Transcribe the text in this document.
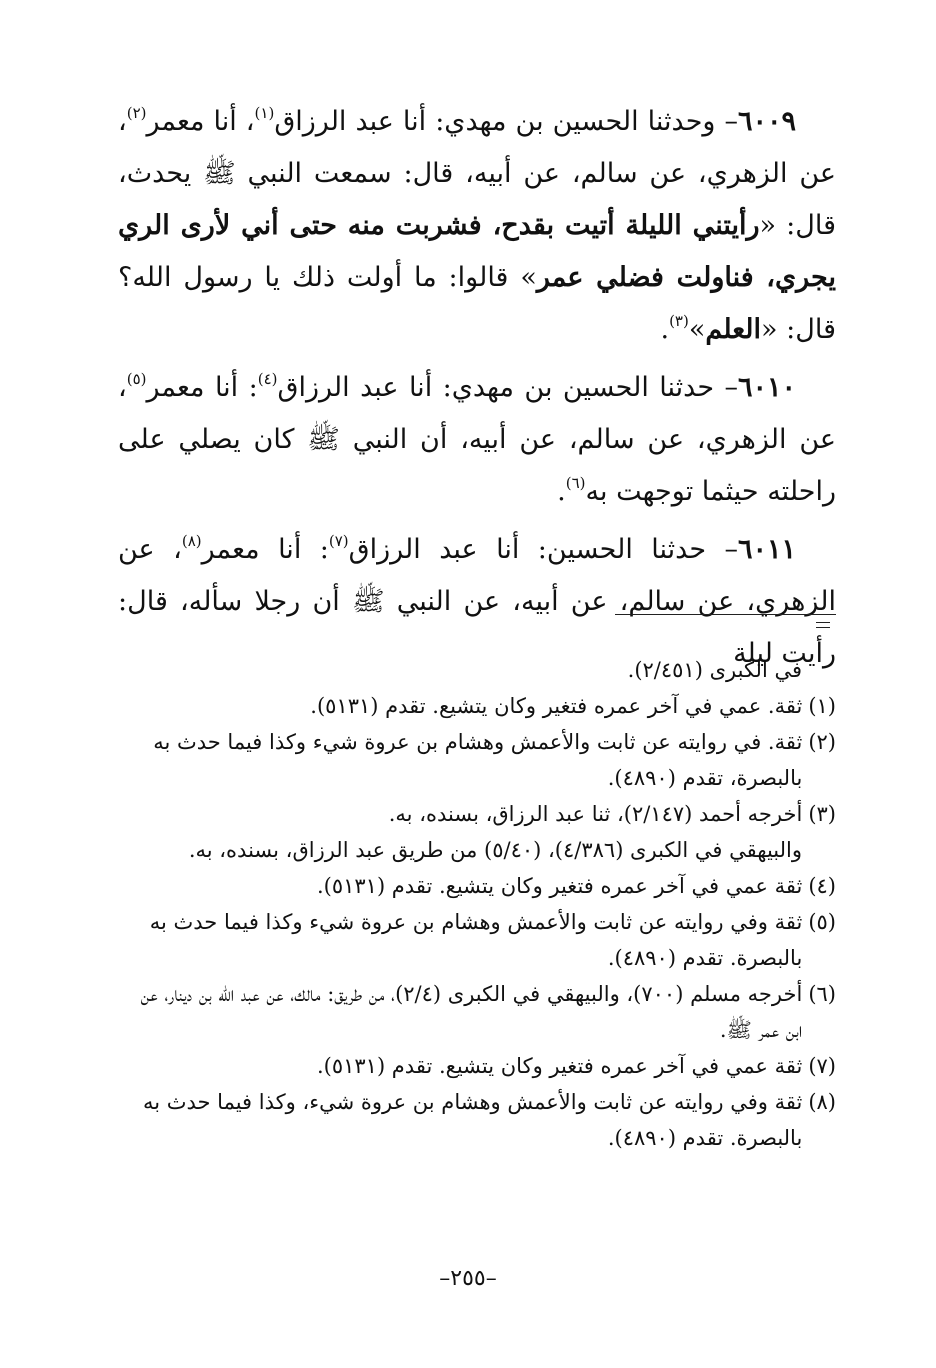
٦٠٠٩– وحدثنا الحسين بن مهدي: أنا عبد الرزاق$^{(١)}$، أنا معمر$^{(٢)}$، عن الزهري، عن سالم، عن أبيه، قال: سمعت النبي ﷺ يحدث، قال: «رأيتني الليلة أتيت بقدح، فشربت منه حتى أني لأرى الري يجري، فناولت فضلي عمر» قالوا: ما أولت ذلك يا رسول الله؟ قال: «العلم»$^{(٣)}$.

٦٠١٠– حدثنا الحسين بن مهدي: أنا عبد الرزاق$^{(٤)}$: أنا معمر$^{(٥)}$، عن الزهري، عن سالم، عن أبيه، أن النبي ﷺ كان يصلي على راحلته حيثما توجهت به$^{(٦)}$.

٦٠١١– حدثنا الحسين: أنا عبد الرزاق$^{(٧)}$: أنا معمر$^{(٨)}$، عن الزهري، عن سالم، عن أبيه، عن النبي ﷺ أن رجلا سأله، قال: رأيت ليلة

في الكبرى (٢/٤٥١).
(١)
ثقة. عمي في آخر عمره فتغير وكان يتشيع. تقدم (٥١٣١).
(٢)
ثقة. في روايته عن ثابت والأعمش وهشام بن عروة شيء وكذا فيما حدث به بالبصرة، تقدم (٤٨٩٠).
(٣)
أخرجه أحمد (٢/١٤٧)، ثنا عبد الرزاق، بسنده، به.
والبيهقي في الكبرى (٤/٣٨٦)، (٥/٤٠) من طريق عبد الرزاق، بسنده، به.
(٤)
ثقة عمي في آخر عمره فتغير وكان يتشيع. تقدم (٥١٣١).
(٥)
ثقة وفي روايته عن ثابت والأعمش وهشام بن عروة شيء وكذا فيما حدث به بالبصرة. تقدم (٤٨٩٠).
(٦)
أخرجه مسلم (٧٠٠)، والبيهقي في الكبرى (٢/٤)، من طريق: مالك، عن عبد الله بن دينار، عن ابن عمر ﷺ.
(٧)
ثقة عمي في آخر عمره فتغير وكان يتشيع. تقدم (٥١٣١).
(٨)
ثقة وفي روايته عن ثابت والأعمش وهشام بن عروة شيء، وكذا فيما حدث به بالبصرة. تقدم (٤٨٩٠).
–٢٥٥–
